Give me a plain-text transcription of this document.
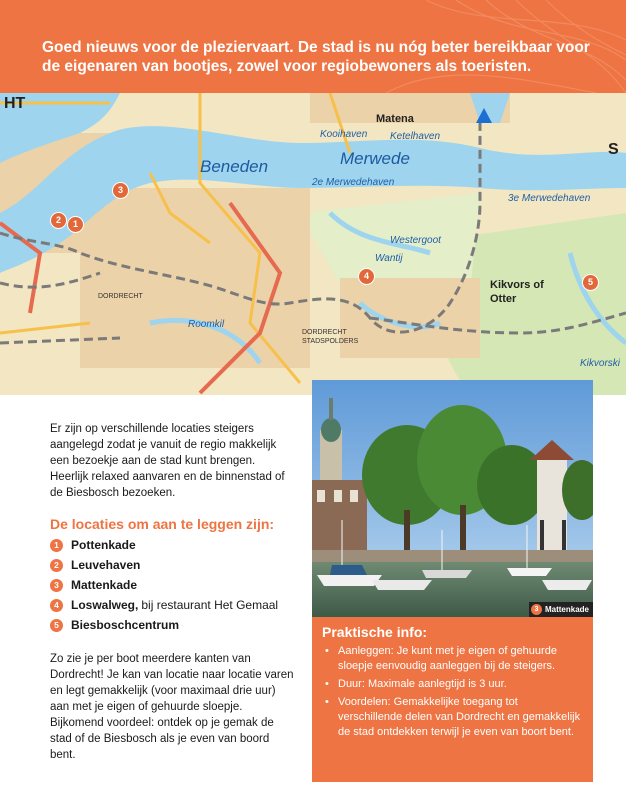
Goed nieuws voor de pleziervaart. De stad is nu nóg beter bereikbaar voor de eigenaren van bootjes, zowel voor regiobewoners als toeristen.
HT
S
Matena
Kooihaven Ketelhaven
Beneden	Merwede
2e Merwedehaven
3e Merwedehaven
Westergoot
Wantij
Kikvors of
Otter
DORDRECHT
DORDRECHT
STADSPOLDERS
Roomkil
Kikvorski
1
2
3
4
5

Er zijn op verschillende locaties steigers aangelegd zodat je vanuit de regio makkelijk een bezoekje aan de stad kunt brengen. Heerlijk relaxed aanvaren en de binnenstad of de Biesbosch bezoeken.

De locaties om aan te leggen zijn:
1	Pottenkade
2	Leuvehaven
3	Mattenkade
4	Loswalweg, bij restaurant Het Gemaal
5	Biesboschcentrum

Zo zie je per boot meerdere kanten van Dordrecht! Je kan van locatie naar locatie varen en legt gemakkelijk (voor maximaal drie uur) aan met je eigen of gehuurde sloepje. Bijkomend voordeel: ontdek op je gemak de stad of de Biesbosch als je even van boord bent.

3 Mattenkade
Praktische info:
• Aanleggen: Je kunt met je eigen of gehuurde sloepje eenvoudig aanleggen bij de steigers.
• Duur: Maximale aanlegtijd is 3 uur.
• Voordelen: Gemakkelijke toegang tot verschillende delen van Dordrecht en gemakkelijk de stad ontdekken terwijl je even van boort bent.
